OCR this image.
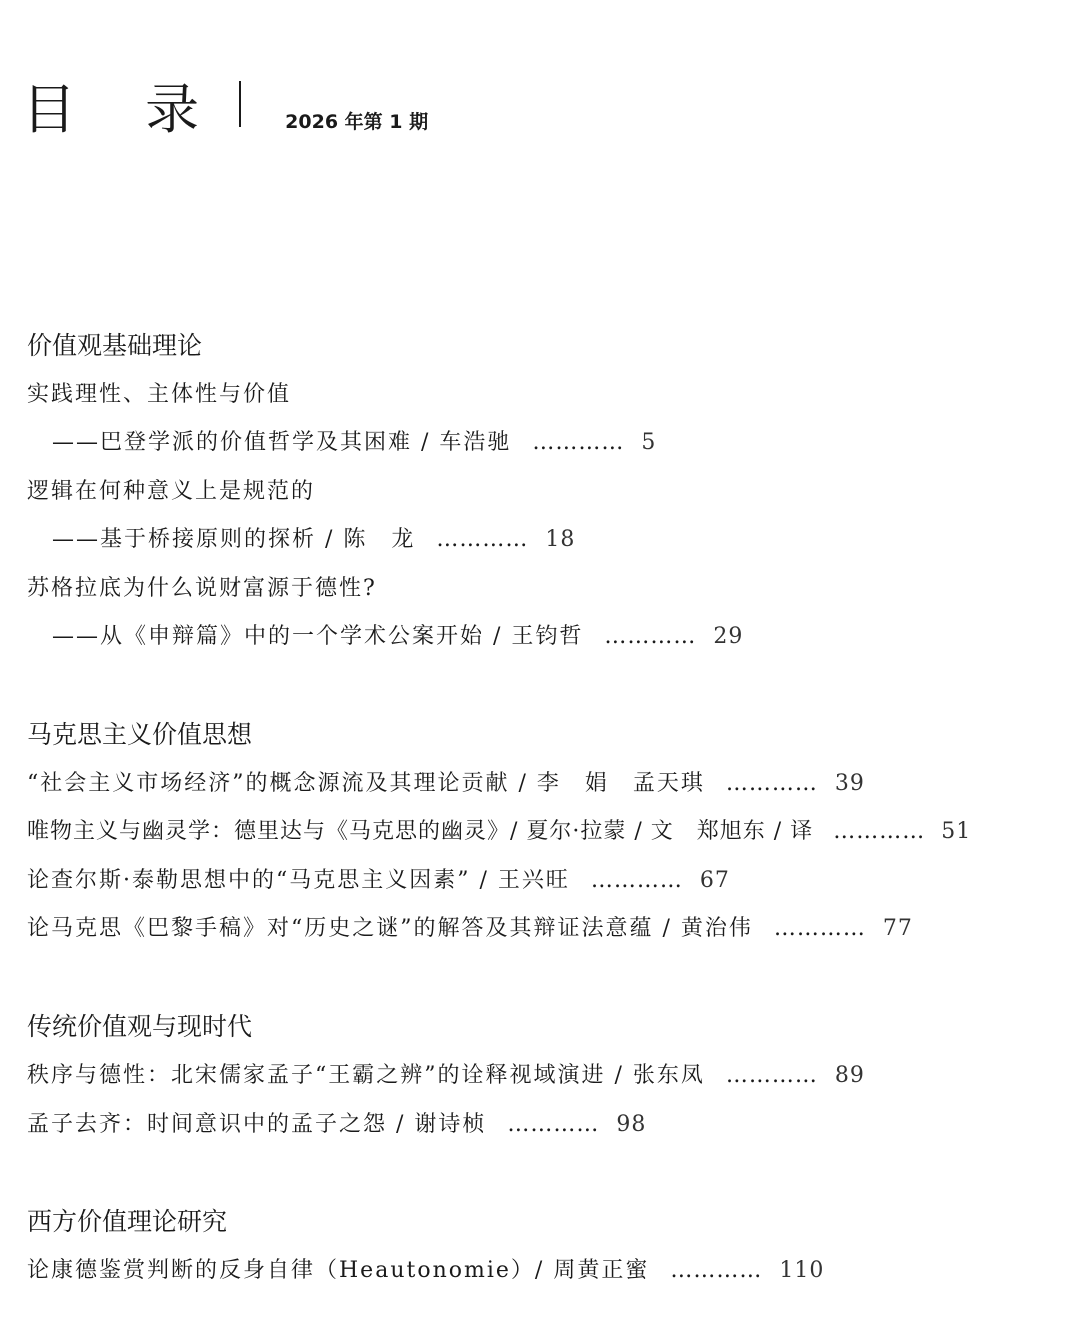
目 录	2026 年第 1 期
价值观基础理论
实践理性、主体性与价值
——巴登学派的价值哲学及其困难 / 车浩驰 ………… 5
逻辑在何种意义上是规范的
——基于桥接原则的探析 / 陈　龙 ………… 18
苏格拉底为什么说财富源于德性?
——从《申辩篇》中的一个学术公案开始 / 王钧哲 ………… 29
马克思主义价值思想
“社会主义市场经济”的概念源流及其理论贡献 / 李　娟　孟天琪 ………… 39
唯物主义与幽灵学：德里达与《马克思的幽灵》/ 夏尔·拉蒙 / 文　郑旭东 / 译 ………… 51
论查尔斯·泰勒思想中的“马克思主义因素” / 王兴旺 ………… 67
论马克思《巴黎手稿》对“历史之谜”的解答及其辩证法意蕴 / 黄治伟 ………… 77
传统价值观与现时代
秩序与德性：北宋儒家孟子“王霸之辨”的诠释视域演进 / 张东凤 ………… 89
孟子去齐：时间意识中的孟子之怨 / 谢诗桢 ………… 98
西方价值理论研究
论康德鉴赏判断的反身自律（Heautonomie）/ 周黄正蜜 ………… 110
